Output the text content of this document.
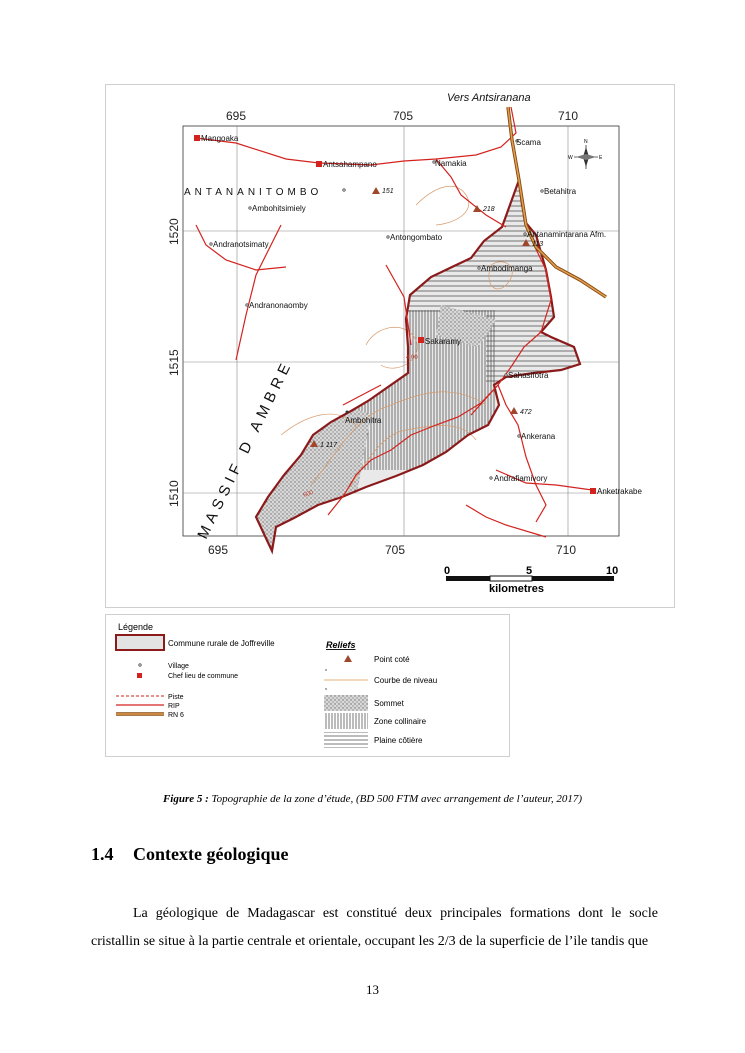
N
E
W
695	705	710
695	705	710
1520
1515
1510
Vers Antsiranana
ANTANANITOMBO
MASSIF D AMBRE
Mangoaka
Antsahampano	Namakia
Scama
Betahitra
Ambohitsimiely
Antongombato	Antanamintarana Afm.
Andranotsimaty
Ambodimanga
Andranonaomby
Sakaramy
Sahasifotra
Ambohitra
Ankerana
Andrafiamivory
Anketrakabe
151
218
113
472
1 117
4 00
600
0	5	10
kilometres
Légende
Commune rurale de Joffreville
Village
Chef lieu de commune
Piste
RIP
RN 6
Reliefs
Point coté
Courbe de niveau
Sommet
Zone collinaire
Plaine côtière
Figure 5 : Topographie de la zone d’étude, (BD 500 FTM avec arrangement de l’auteur, 2017)
1.4 Contexte géologique
La géologique de Madagascar est constitué deux principales formations dont le socle cristallin se situe à la partie centrale et orientale, occupant les 2/3 de la superficie de l’ile tandis que
13
